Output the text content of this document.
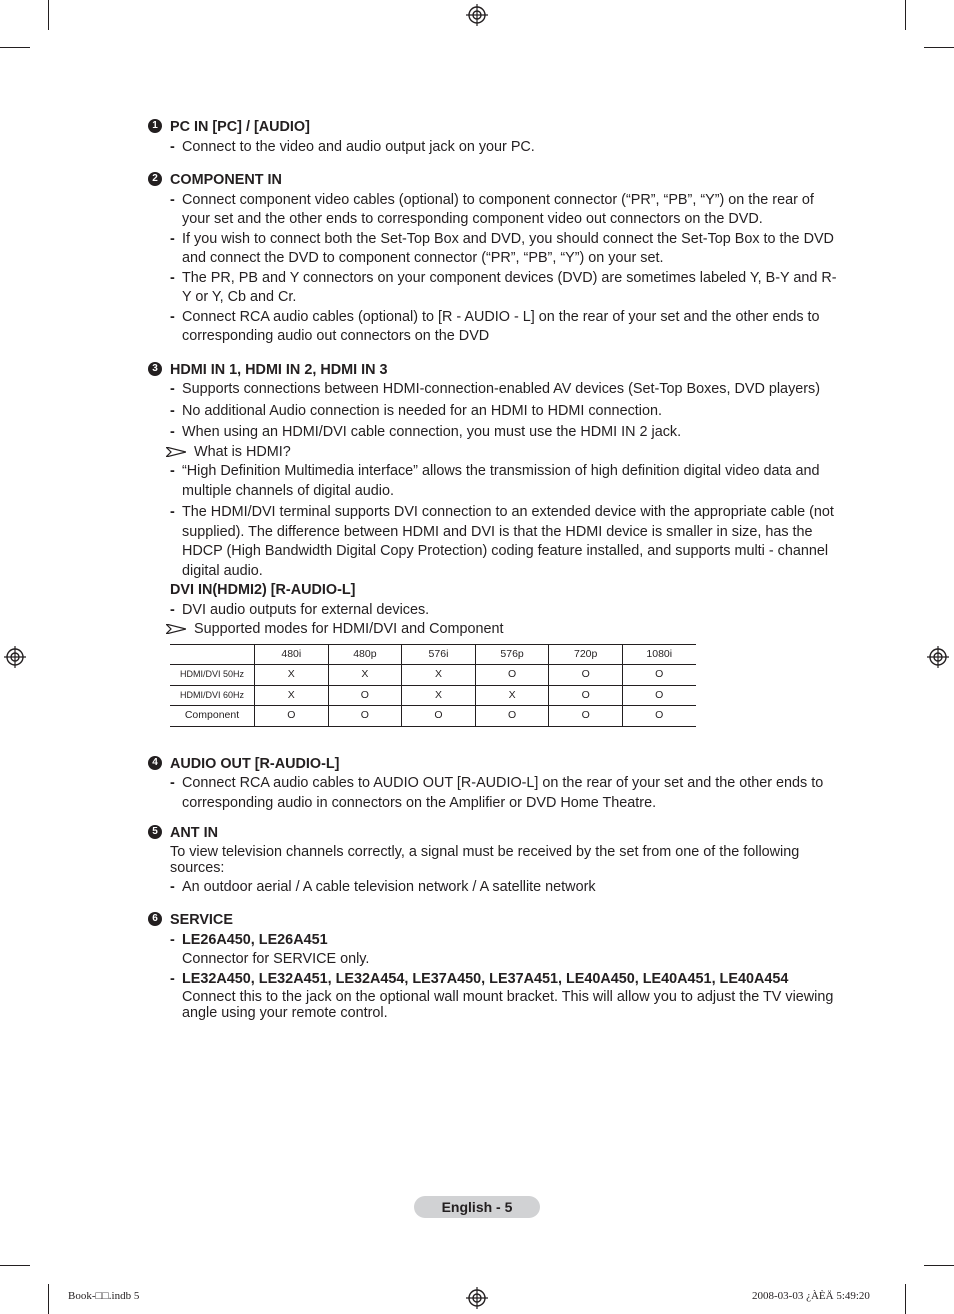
1 PC IN [PC] / [AUDIO]
- Connect to the video and audio output jack on your PC.
2 COMPONENT IN
- Connect component video cables (optional) to component connector (“PR”, “PB”, “Y”) on the rear of your set and the other ends to corresponding component video out connectors on the DVD.
- If you wish to connect both the Set-Top Box and DVD, you should connect the Set-Top Box to the DVD and connect the DVD to component connector (“PR”, “PB”, “Y”) on your set.
- The PR, PB and Y connectors on your component devices (DVD) are sometimes labeled Y, B-Y and R-Y or Y, Cb and Cr.
- Connect RCA audio cables (optional) to [R - AUDIO - L] on the rear of your set and the other ends to corresponding audio out connectors on the DVD
3 HDMI IN 1, HDMI IN 2, HDMI IN 3
- Supports connections between HDMI-connection-enabled AV devices (Set-Top Boxes, DVD players)
- No additional Audio connection is needed for an HDMI to HDMI connection.
- When using an HDMI/DVI cable connection, you must use the HDMI IN 2 jack.
What is HDMI?
- “High Definition Multimedia interface” allows the transmission of high definition digital video data and multiple channels of digital audio.
- The HDMI/DVI terminal supports DVI connection to an extended device with the appropriate cable (not supplied). The difference between HDMI and DVI is that the HDMI device is smaller in size, has the HDCP (High Bandwidth Digital Copy Protection) coding feature installed, and supports multi - channel digital audio.
DVI IN(HDMI2) [R-AUDIO-L]
- DVI audio outputs for external devices.
Supported modes for HDMI/DVI and Component
	480i	480p	576i	576p	720p	1080i
HDMI/DVI 50Hz	X	X	X	O	O	O
HDMI/DVI 60Hz	X	O	X	X	O	O
Component	O	O	O	O	O	O
4 AUDIO OUT [R-AUDIO-L]
- Connect RCA audio cables to AUDIO OUT [R-AUDIO-L] on the rear of your set and the other ends to corresponding audio in connectors on the Amplifier or DVD Home Theatre.
5 ANT IN
To view television channels correctly, a signal must be received by the set from one of the following sources:
- An outdoor aerial / A cable television network / A satellite network
6 SERVICE
- LE26A450, LE26A451
Connector for SERVICE only.
- LE32A450, LE32A451, LE32A454, LE37A450, LE37A451, LE40A450, LE40A451, LE40A454
Connect this to the jack on the optional wall mount bracket. This will allow you to adjust the TV viewing angle using your remote control.
English - 5
Book-□□.indb 5	2008-03-03 ¿ÀÈÄ 5:49:20
